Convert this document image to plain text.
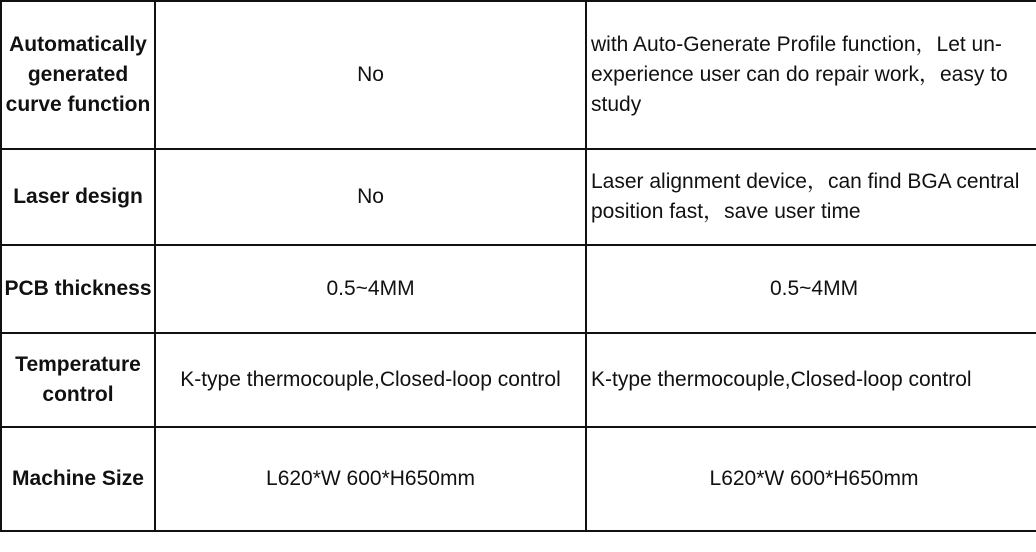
Automatically generated curve function	No	with Auto-Generate Profile function，Let un-experience user can do repair work，easy to study
Laser design	No	Laser alignment device，can find BGA central position fast，save user time
PCB thickness	0.5~4MM	0.5~4MM
Temperature control	K-type thermocouple,Closed-loop control	K-type thermocouple,Closed-loop control
Machine Size	L620*W 600*H650mm	L620*W 600*H650mm
